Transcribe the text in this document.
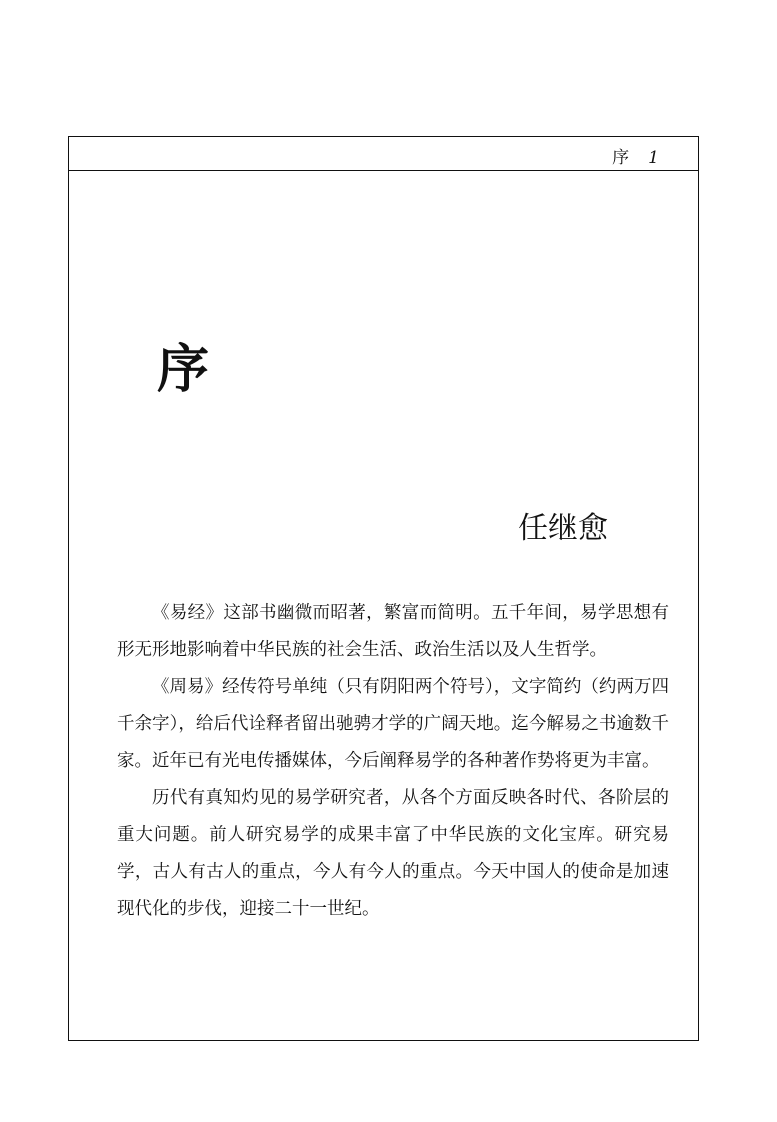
序 1
序
任继愈

《易经》这部书幽微而昭著，繁富而简明。五千年间，易学思想有形无形地影响着中华民族的社会生活、政治生活以及人生哲学。

《周易》经传符号单纯（只有阴阳两个符号），文字简约（约两万四千余字），给后代诠释者留出驰骋才学的广阔天地。迄今解易之书逾数千家。近年已有光电传播媒体，今后阐释易学的各种著作势将更为丰富。

历代有真知灼见的易学研究者，从各个方面反映各时代、各阶层的重大问题。前人研究易学的成果丰富了中华民族的文化宝库。研究易学，古人有古人的重点，今人有今人的重点。今天中国人的使命是加速现代化的步伐，迎接二十一世纪。
